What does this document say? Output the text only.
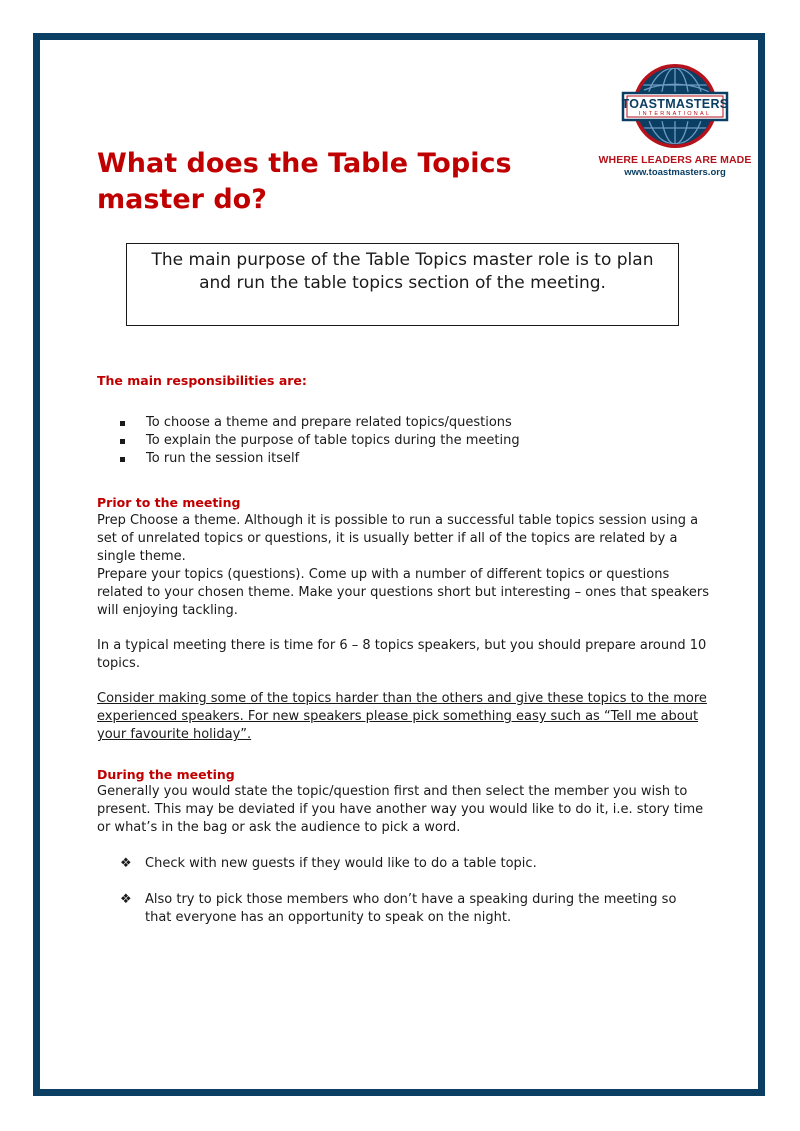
TOASTMASTERS
INTERNATIONAL
WHERE LEADERS ARE MADE
www.toastmasters.org
What does the Table Topics master do?
The main purpose of the Table Topics master role is to plan and run the table topics section of the meeting.
The main responsibilities are:
To choose a theme and prepare related topics/questions
To explain the purpose of table topics during the meeting
To run the session itself
Prior to the meeting

Prep Choose a theme. Although it is possible to run a successful table topics session using a set of unrelated topics or questions, it is usually better if all of the topics are related by a single theme.

Prepare your topics (questions). Come up with a number of different topics or questions related to your chosen theme. Make your questions short but interesting – ones that speakers will enjoying tackling.

In a typical meeting there is time for 6 – 8 topics speakers, but you should prepare around 10 topics.

Consider making some of the topics harder than the others and give these topics to the more experienced speakers. For new speakers please pick something easy such as “Tell me about your favourite holiday”.

During the meeting

Generally you would state the topic/question first and then select the member you wish to present. This may be deviated if you have another way you would like to do it, i.e. story time or what’s in the bag or ask the audience to pick a word.

❖ Check with new guests if they would like to do a table topic.
❖ Also try to pick those members who don’t have a speaking during the meeting so that everyone has an opportunity to speak on the night.
